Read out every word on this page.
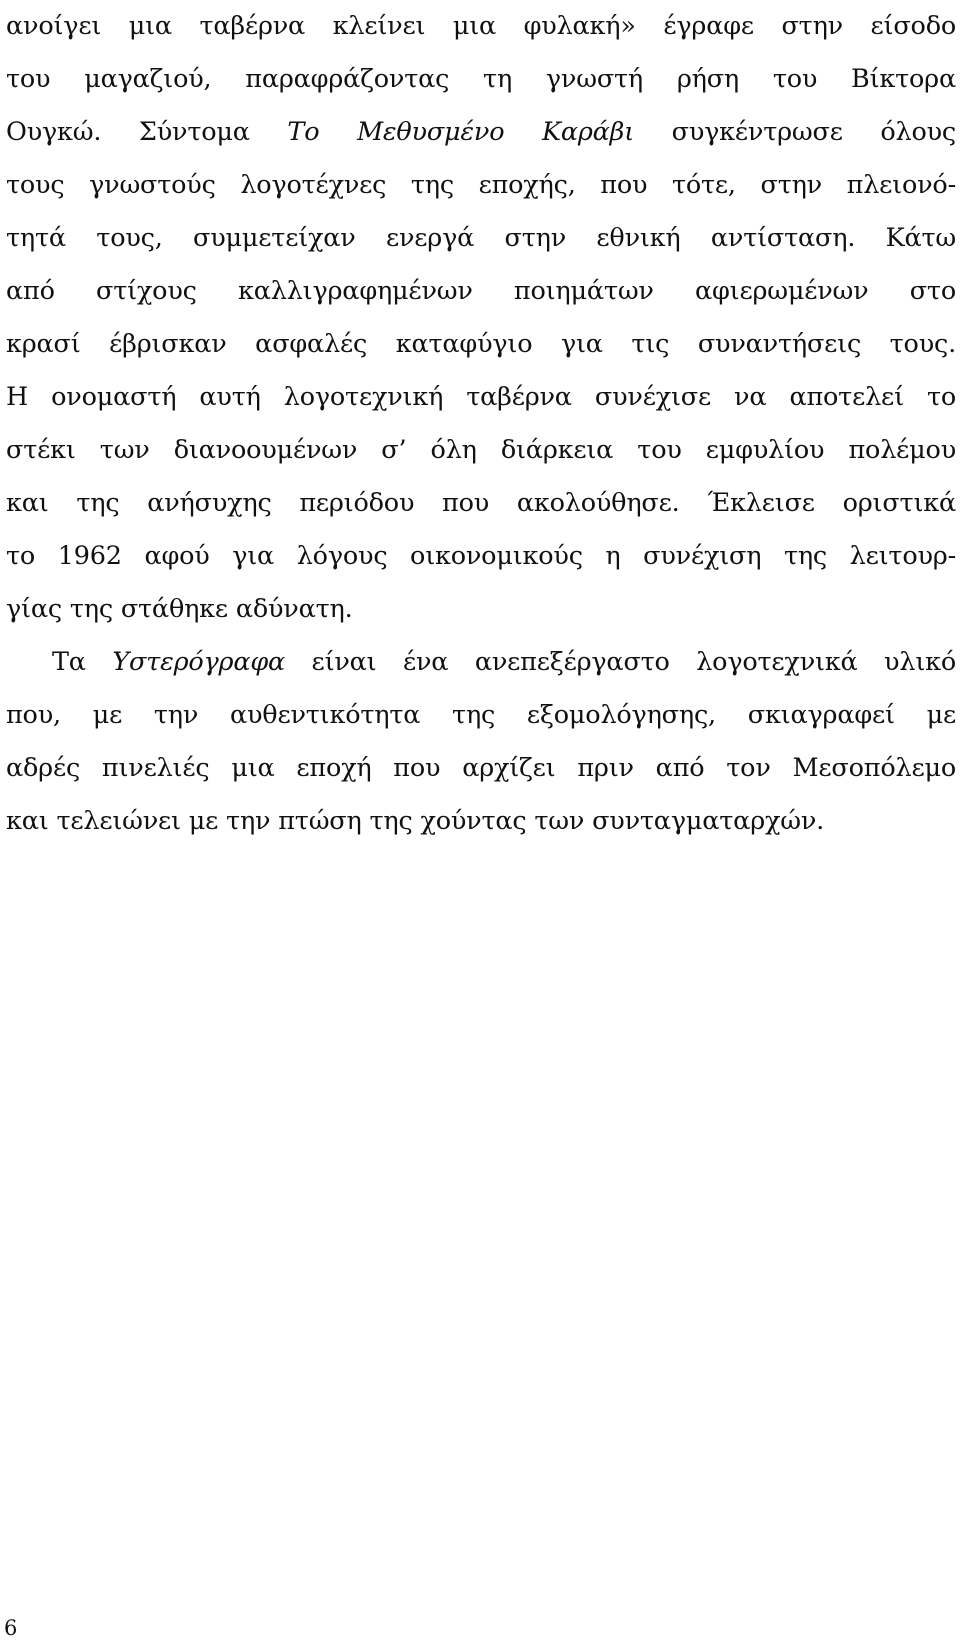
ανοίγει μια ταβέρνα κλείνει μια φυλακή» έγραφε στην είσοδο
του μαγαζιού, παραφράζοντας τη γνωστή ρήση του Βίκτορα
Ουγκώ. Σύντομα Το Μεθυσμένο Καράβι συγκέντρωσε όλους
τους γνωστούς λογοτέχνες της εποχής, που τότε, στην πλειονό-
τητά τους, συμμετείχαν ενεργά στην εθνική αντίσταση. Κάτω
από στίχους καλλιγραφημένων ποιημάτων αφιερωμένων στο
κρασί έβρισκαν ασφαλές καταφύγιο για τις συναντήσεις τους.
Η ονομαστή αυτή λογοτεχνική ταβέρνα συνέχισε να αποτελεί το
στέκι των διανοουμένων σ’ όλη διάρκεια του εμφυλίου πολέμου
και της ανήσυχης περιόδου που ακολούθησε. Έκλεισε οριστικά
το 1962 αφού για λόγους οικονομικούς η συνέχιση της λειτουρ-
γίας της στάθηκε αδύνατη.
Τα Υστερόγραφα είναι ένα ανεπεξέργαστο λογοτεχνικά υλικό
που, με την αυθεντικότητα της εξομολόγησης, σκιαγραφεί με
αδρές πινελιές μια εποχή που αρχίζει πριν από τον Μεσοπόλεμο
και τελειώνει με την πτώση της χούντας των συνταγματαρχών.
6
